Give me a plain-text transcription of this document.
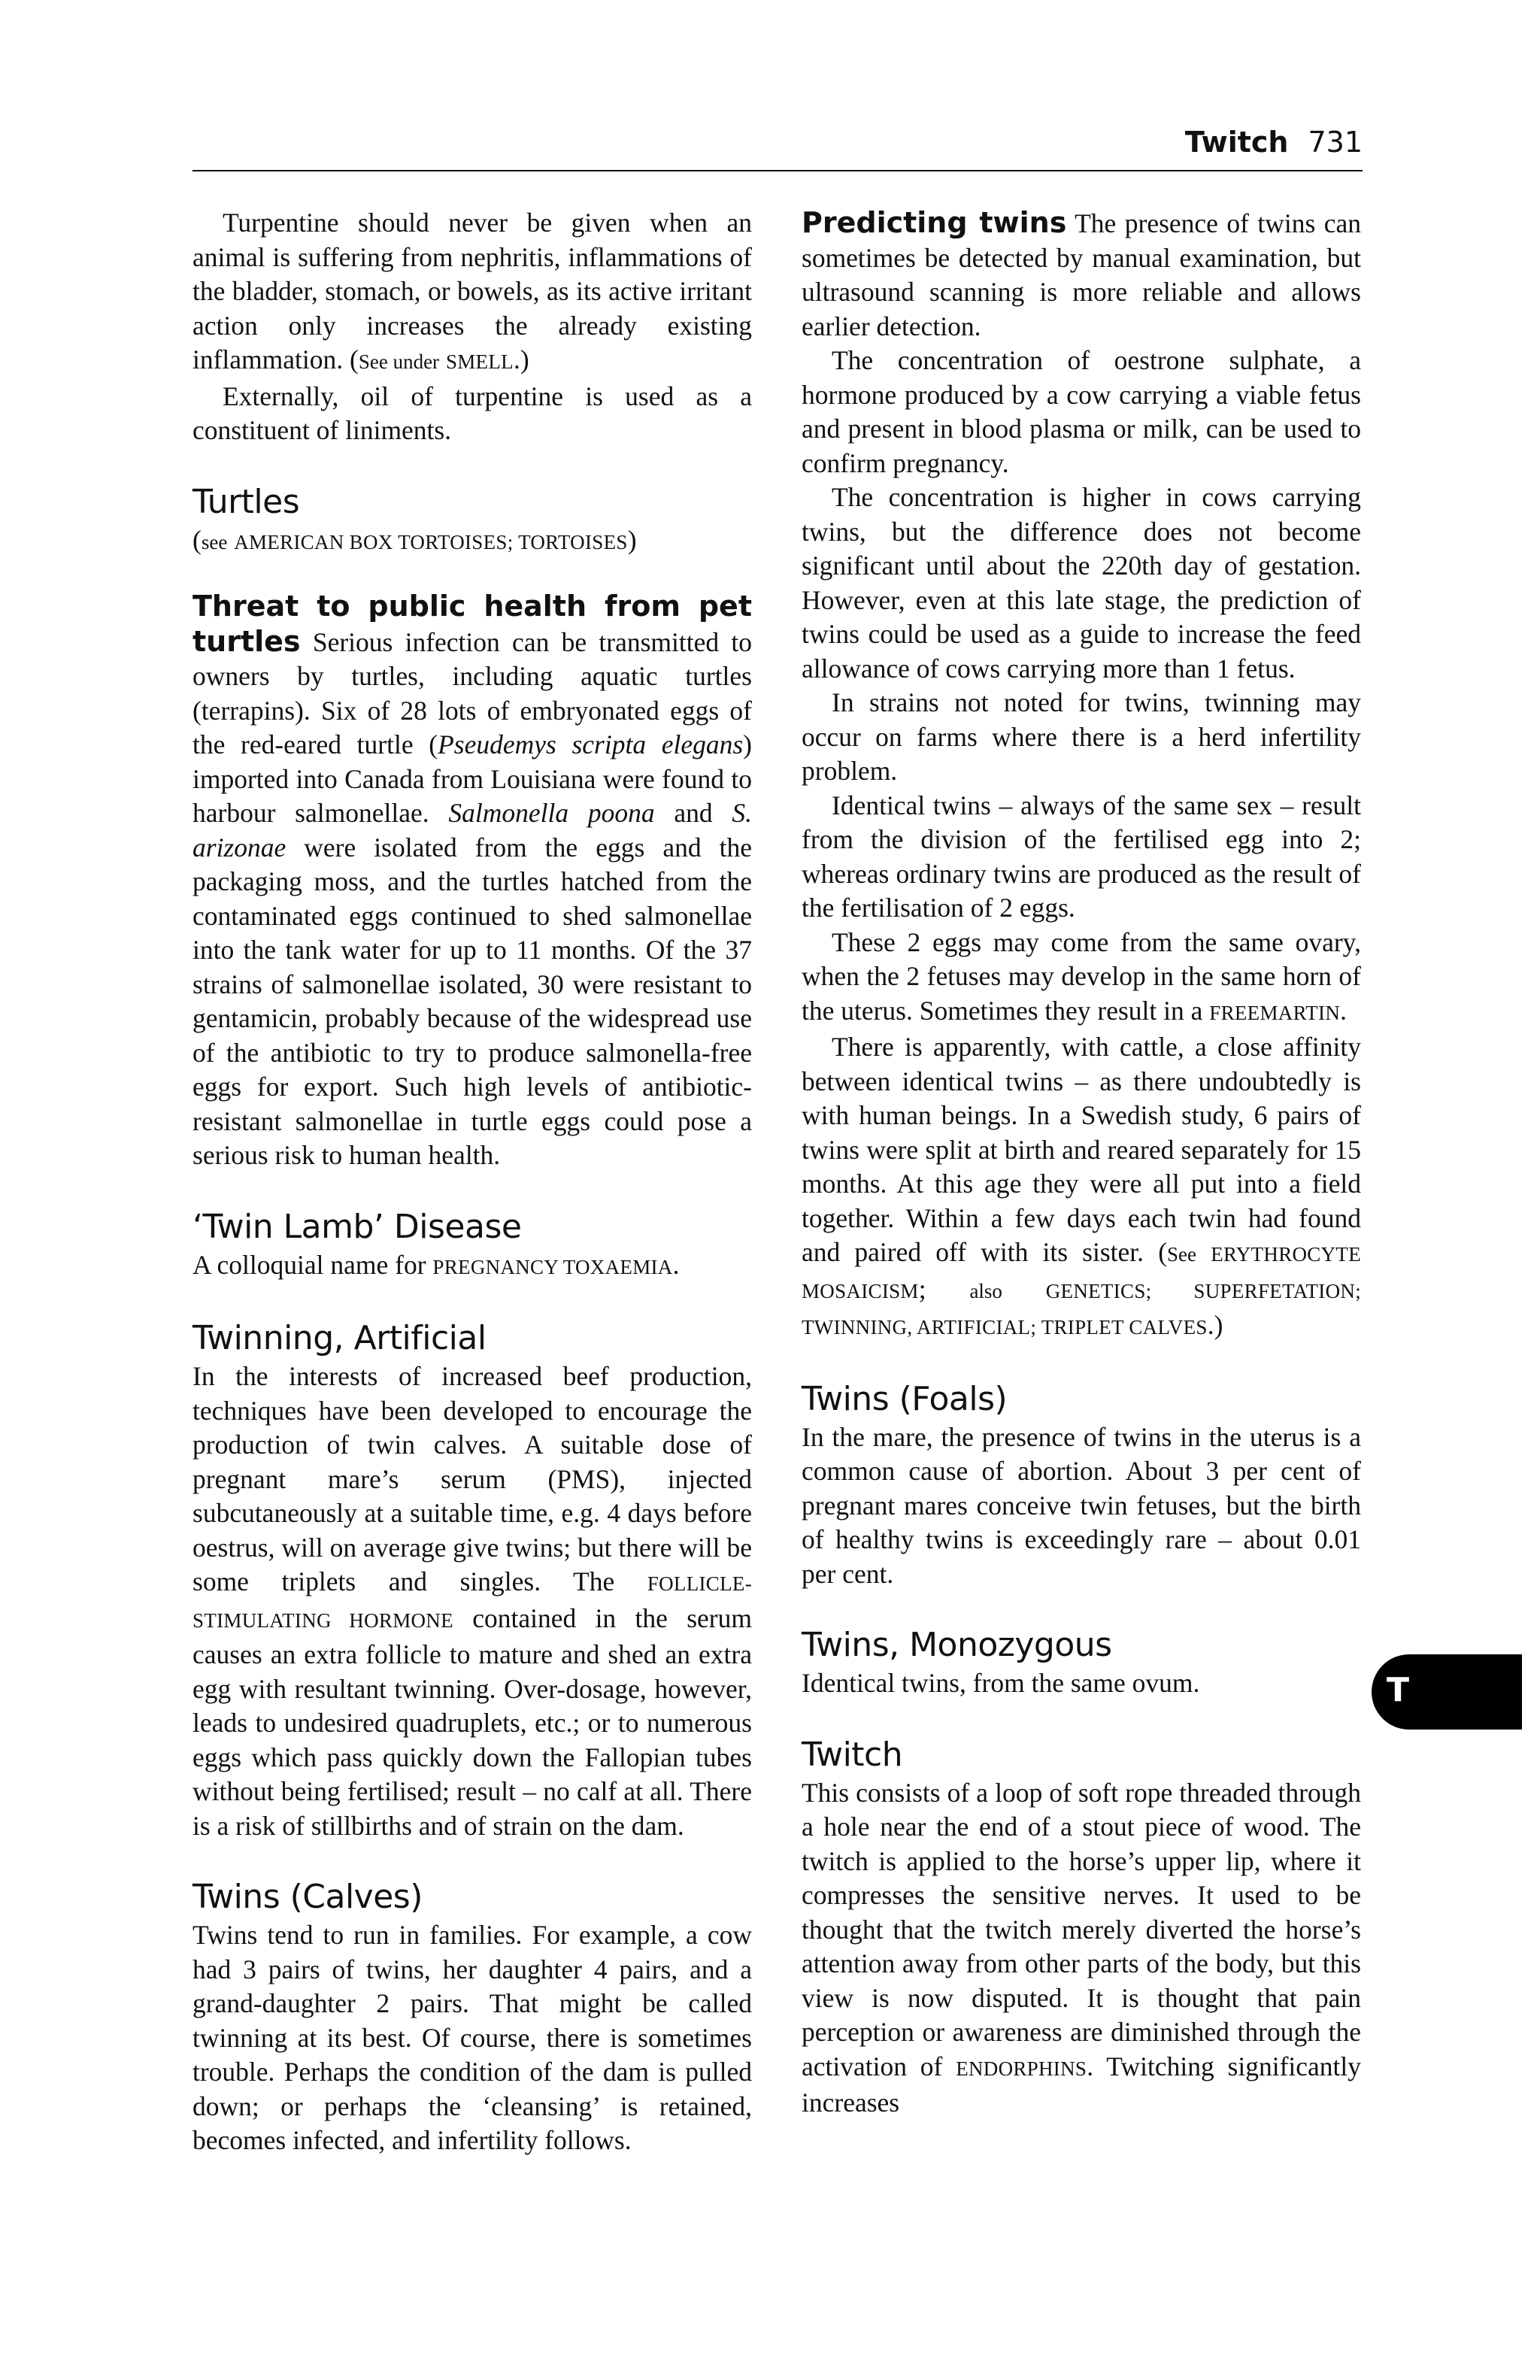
Twitch 731

Turpentine should never be given when an animal is suffering from nephritis, inflammations of the bladder, stomach, or bowels, as its active irritant action only increases the already existing inflammation. (See under SMELL.)

Externally, oil of turpentine is used as a constituent of liniments.

Turtles

(see AMERICAN BOX TORTOISES; TORTOISES)

Threat to public health from pet turtles Serious infection can be transmitted to owners by turtles, including aquatic turtles (terrapins). Six of 28 lots of embryonated eggs of the red-eared turtle (Pseudemys scripta elegans) imported into Canada from Louisiana were found to harbour salmonellae. Salmonella poona and S. arizonae were isolated from the eggs and the packaging moss, and the turtles hatched from the contaminated eggs continued to shed salmonellae into the tank water for up to 11 months. Of the 37 strains of salmonellae isolated, 30 were resistant to gentamicin, probably because of the widespread use of the antibiotic to try to produce salmonella-free eggs for export. Such high levels of antibiotic-resistant salmonellae in turtle eggs could pose a serious risk to human health.

‘Twin Lamb’ Disease

A colloquial name for PREGNANCY TOXAEMIA.

Twinning, Artificial

In the interests of increased beef production, techniques have been developed to encourage the production of twin calves. A suitable dose of pregnant mare’s serum (PMS), injected subcutaneously at a suitable time, e.g. 4 days before oestrus, will on average give twins; but there will be some triplets and singles. The FOLLICLE-STIMULATING HORMONE contained in the serum causes an extra follicle to mature and shed an extra egg with resultant twinning. Over-dosage, however, leads to undesired quadruplets, etc.; or to numerous eggs which pass quickly down the Fallopian tubes without being fertilised; result – no calf at all. There is a risk of stillbirths and of strain on the dam.

Twins (Calves)

Twins tend to run in families. For example, a cow had 3 pairs of twins, her daughter 4 pairs, and a grand-daughter 2 pairs. That might be called twinning at its best. Of course, there is sometimes trouble. Perhaps the condition of the dam is pulled down; or perhaps the ‘cleansing’ is retained, becomes infected, and infertility follows.

Predicting twins The presence of twins can sometimes be detected by manual examination, but ultrasound scanning is more reliable and allows earlier detection.

The concentration of oestrone sulphate, a hormone produced by a cow carrying a viable fetus and present in blood plasma or milk, can be used to confirm pregnancy.

The concentration is higher in cows carrying twins, but the difference does not become significant until about the 220th day of gestation. However, even at this late stage, the prediction of twins could be used as a guide to increase the feed allowance of cows carrying more than 1 fetus.

In strains not noted for twins, twinning may occur on farms where there is a herd infertility problem.

Identical twins – always of the same sex – result from the division of the fertilised egg into 2; whereas ordinary twins are produced as the result of the fertilisation of 2 eggs.

These 2 eggs may come from the same ovary, when the 2 fetuses may develop in the same horn of the uterus. Sometimes they result in a FREEMARTIN.

There is apparently, with cattle, a close affinity between identical twins – as there undoubtedly is with human beings. In a Swedish study, 6 pairs of twins were split at birth and reared separately for 15 months. At this age they were all put into a field together. Within a few days each twin had found and paired off with its sister. (See ERYTHROCYTE MOSAICISM; also GENETICS; SUPERFETATION; TWINNING, ARTIFICIAL; TRIPLET CALVES.)

Twins (Foals)

In the mare, the presence of twins in the uterus is a common cause of abortion. About 3 per cent of pregnant mares conceive twin fetuses, but the birth of healthy twins is exceedingly rare – about 0.01 per cent.

Twins, Monozygous

Identical twins, from the same ovum.

Twitch

This consists of a loop of soft rope threaded through a hole near the end of a stout piece of wood. The twitch is applied to the horse’s upper lip, where it compresses the sensitive nerves. It used to be thought that the twitch merely diverted the horse’s attention away from other parts of the body, but this view is now disputed. It is thought that pain perception or awareness are diminished through the activation of ENDORPHINS. Twitching significantly increases

T
